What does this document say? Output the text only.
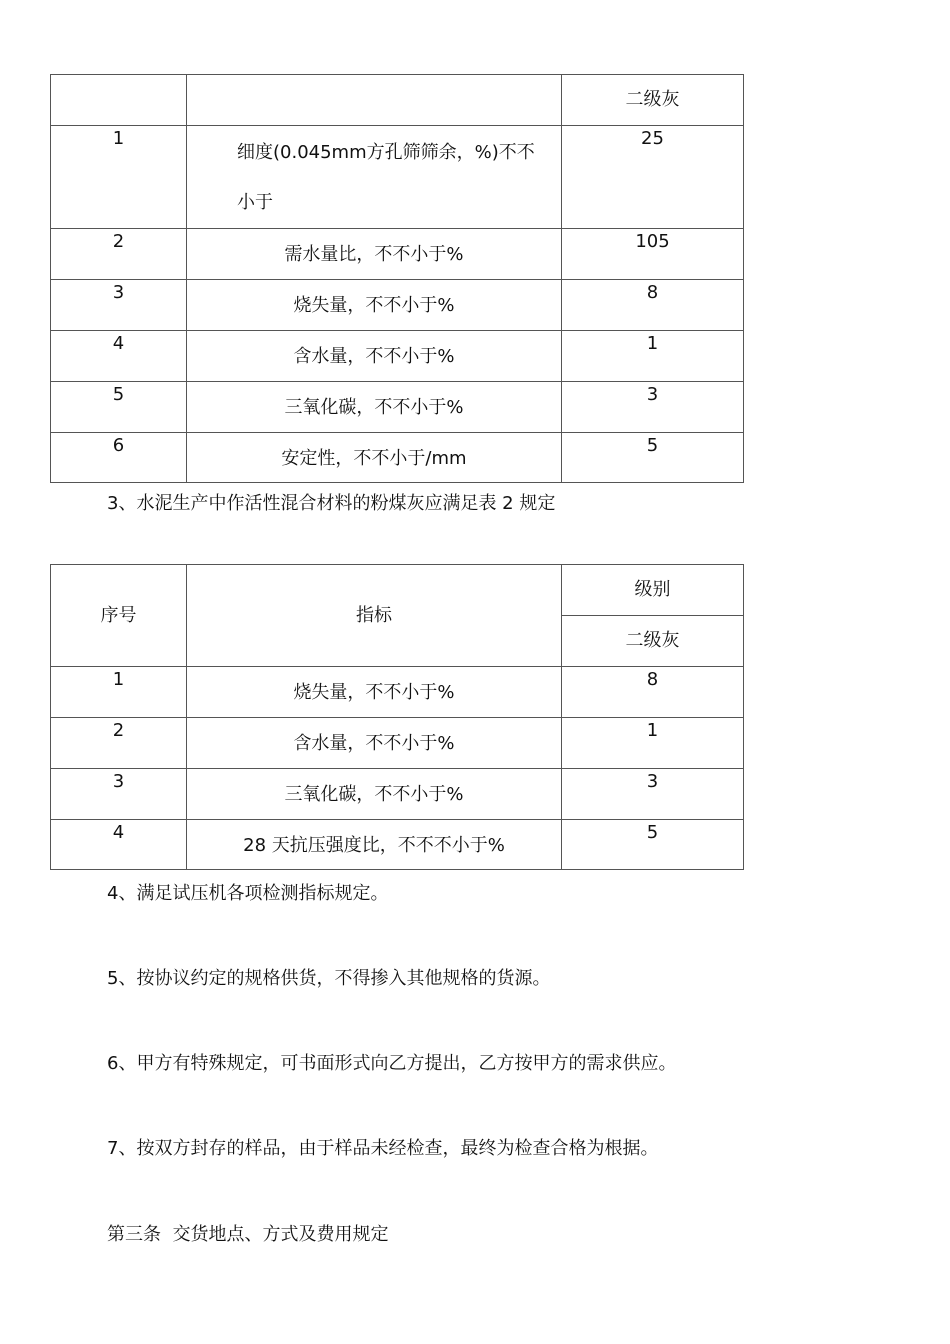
		二级灰

1	细度(0.045mm方孔筛筛余，%)不不小于	25

2	需水量比，不不小于%	105

3	烧失量，不不小于%	8

4	含水量，不不小于%	1

5	三氧化碳，不不小于%	3

6	安定性，不不小于/mm	5
3、水泥生产中作活性混合材料的粉煤灰应满足表 2 规定
序号	指标	级别
		二级灰

1	烧失量，不不小于%	8

2	含水量，不不小于%	1

3	三氧化碳，不不小于%	3

4	28 天抗压强度比，不不不小于%	5
4、满足试压机各项检测指标规定。
5、按协议约定的规格供货，不得掺入其他规格的货源。
6、甲方有特殊规定，可书面形式向乙方提出，乙方按甲方的需求供应。
7、按双方封存的样品，由于样品未经检查，最终为检查合格为根据。
第三条  交货地点、方式及费用规定
